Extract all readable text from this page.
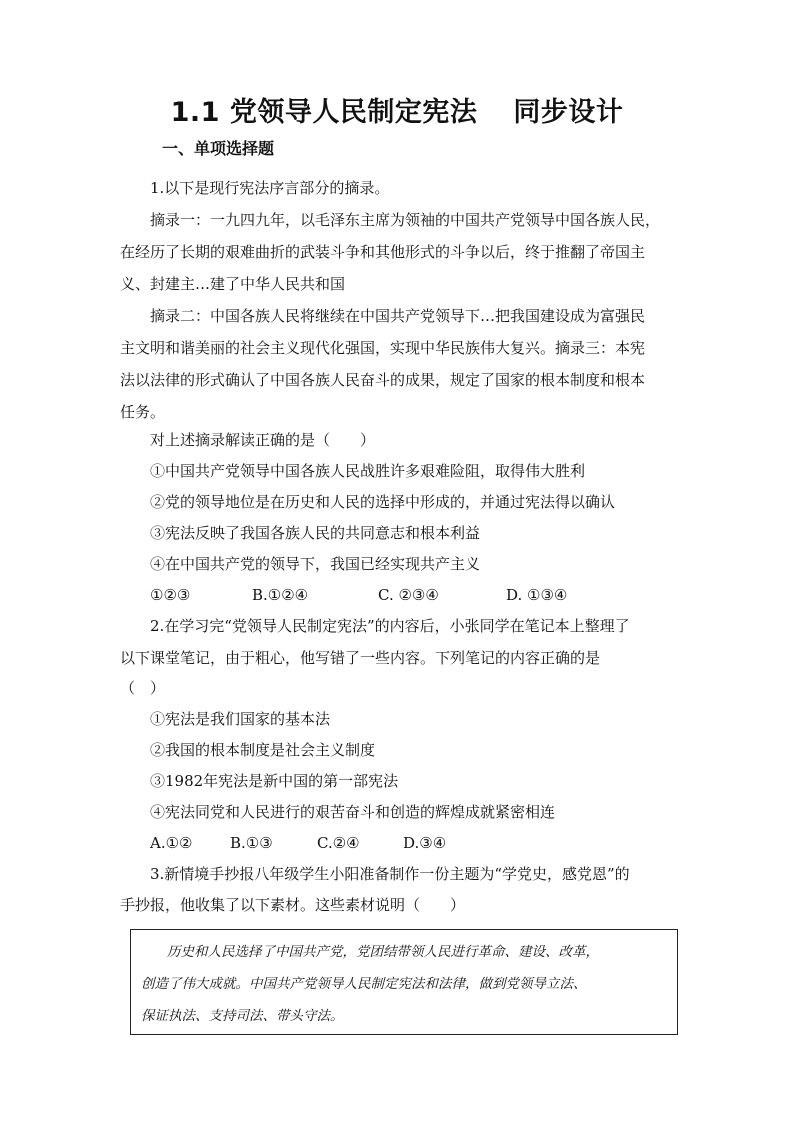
1.1 党领导人民制定宪法 同步设计
一、单项选择题
1.以下是现行宪法序言部分的摘录。
摘录一：一九四九年，以毛泽东主席为领袖的中国共产党领导中国各族人民，
在经历了长期的艰难曲折的武装斗争和其他形式的斗争以后，终于推翻了帝国主
义、封建主…建了中华人民共和国
摘录二：中国各族人民将继续在中国共产党领导下…把我国建设成为富强民
主文明和谐美丽的社会主义现代化强国，实现中华民族伟大复兴。摘录三：本宪
法以法律的形式确认了中国各族人民奋斗的成果，规定了国家的根本制度和根本
任务。
对上述摘录解读正确的是（　　）
①中国共产党领导中国各族人民战胜许多艰难险阻，取得伟大胜利
②党的领导地位是在历史和人民的选择中形成的，并通过宪法得以确认
③宪法反映了我国各族人民的共同意志和根本利益
④在中国共产党的领导下，我国已经实现共产主义
①②③	B.①②④	C. ②③④	D. ①③④
2.在学习完“党领导人民制定宪法”的内容后，小张同学在笔记本上整理了
以下课堂笔记，由于粗心，他写错了一些内容。下列笔记的内容正确的是
（　）
①宪法是我们国家的基本法
②我国的根本制度是社会主义制度
③1982年宪法是新中国的第一部宪法
④宪法同党和人民进行的艰苦奋斗和创造的辉煌成就紧密相连
A.①②	B.①③	C.②④	D.③④
3.新情境手抄报八年级学生小阳准备制作一份主题为“学党史，感党恩”的
手抄报，他收集了以下素材。这些素材说明（　　）
历史和人民选择了中国共产党，党团结带领人民进行革命、建设、改革，
创造了伟大成就。中国共产党领导人民制定宪法和法律，做到党领导立法、
保证执法、支持司法、带头守法。
